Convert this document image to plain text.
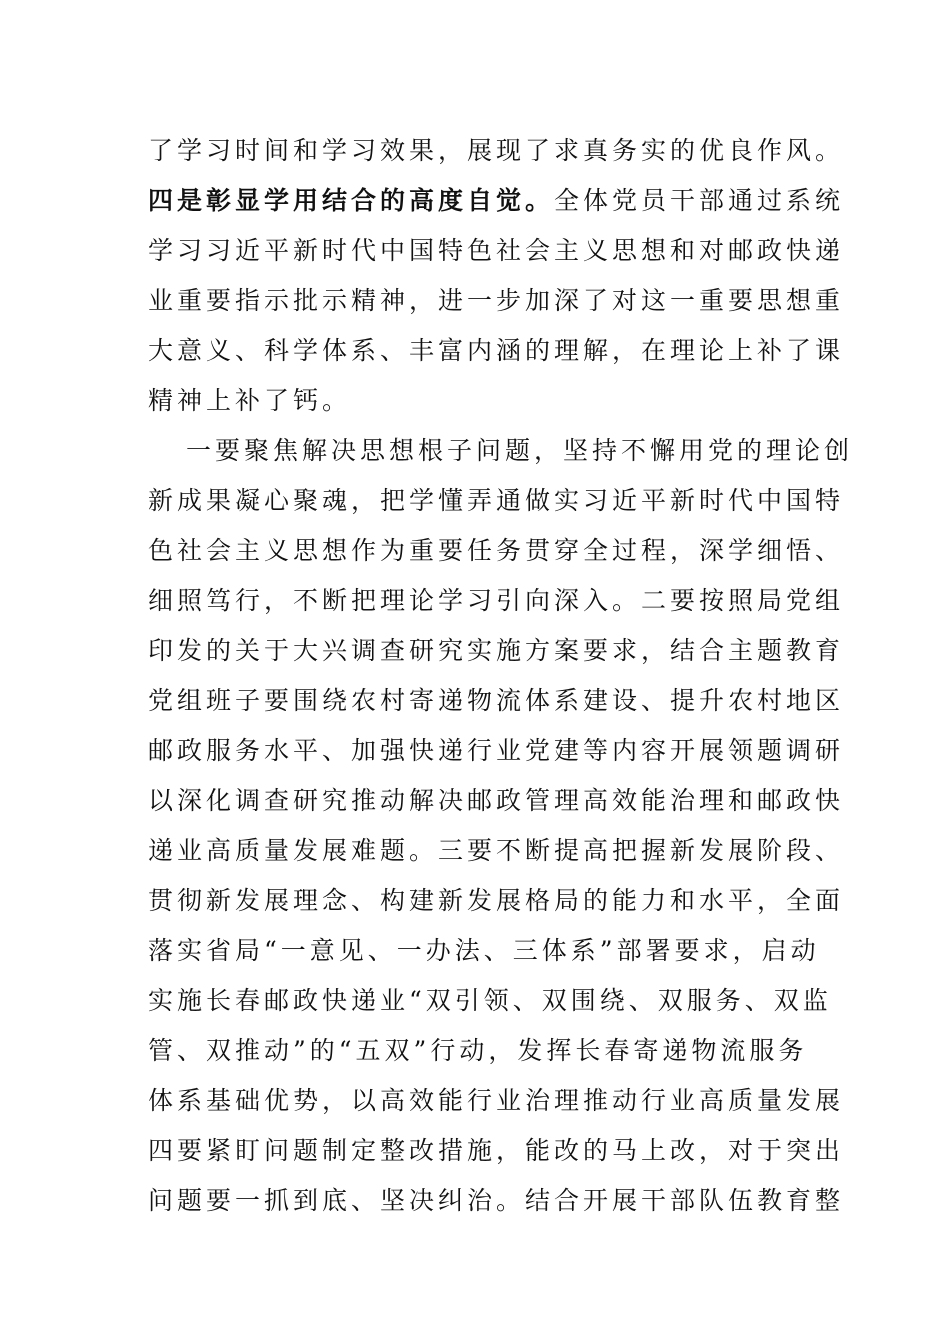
了学习时间和学习效果，展现了求真务实的优良作风。
四是彰显学用结合的高度自觉。全体党员干部通过系统
学习习近平新时代中国特色社会主义思想和对邮政快递
业重要指示批示精神，进一步加深了对这一重要思想重
大意义、科学体系、丰富内涵的理解，在理论上补了课
精神上补了钙。
一要聚焦解决思想根子问题，坚持不懈用党的理论创
新成果凝心聚魂，把学懂弄通做实习近平新时代中国特
色社会主义思想作为重要任务贯穿全过程，深学细悟、
细照笃行，不断把理论学习引向深入。二要按照局党组
印发的关于大兴调查研究实施方案要求，结合主题教育
党组班子要围绕农村寄递物流体系建设、提升农村地区
邮政服务水平、加强快递行业党建等内容开展领题调研
以深化调查研究推动解决邮政管理高效能治理和邮政快
递业高质量发展难题。三要不断提高把握新发展阶段、
贯彻新发展理念、构建新发展格局的能力和水平，全面
落实省局“一意见、一办法、三体系”部署要求，启动
实施长春邮政快递业“双引领、双围绕、双服务、双监
管、双推动”的“五双”行动，发挥长春寄递物流服务
体系基础优势，以高效能行业治理推动行业高质量发展
四要紧盯问题制定整改措施，能改的马上改，对于突出
问题要一抓到底、坚决纠治。结合开展干部队伍教育整
